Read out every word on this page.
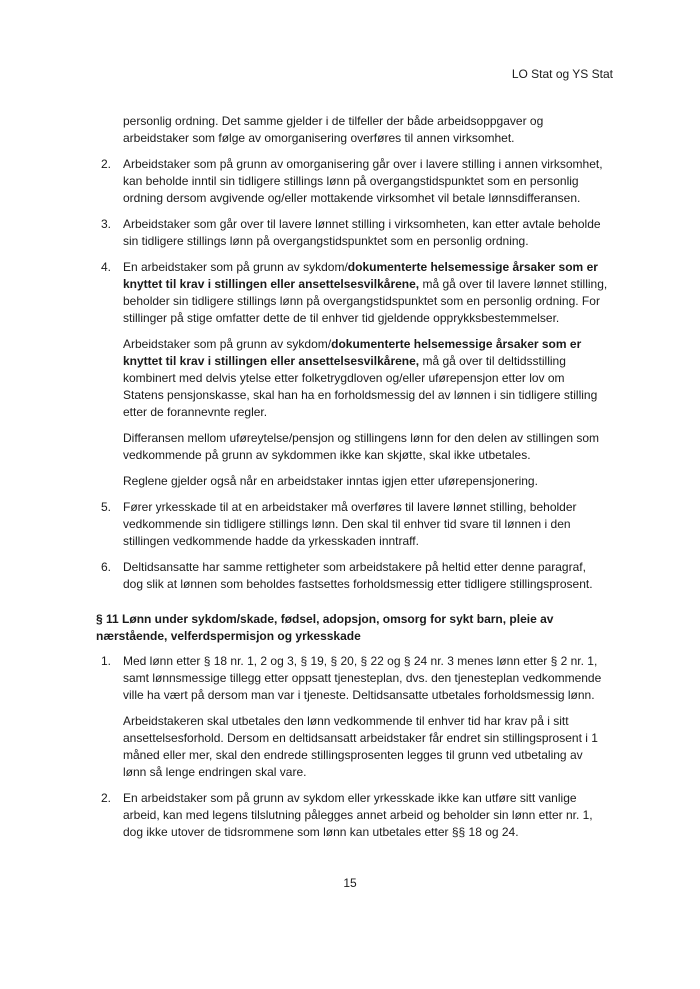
LO Stat og YS Stat

personlig ordning. Det samme gjelder i de tilfeller der både arbeidsoppgaver og arbeidstaker som følge av omorganisering overføres til annen virksomhet.

2. Arbeidstaker som på grunn av omorganisering går over i lavere stilling i annen virksomhet, kan beholde inntil sin tidligere stillings lønn på overgangstidspunktet som en personlig ordning dersom avgivende og/eller mottakende virksomhet vil betale lønnsdifferansen.

3. Arbeidstaker som går over til lavere lønnet stilling i virksomheten, kan etter avtale beholde sin tidligere stillings lønn på overgangstidspunktet som en personlig ordning.

4. En arbeidstaker som på grunn av sykdom/dokumenterte helsemessige årsaker som er knyttet til krav i stillingen eller ansettelsesvilkårene, må gå over til lavere lønnet stilling, beholder sin tidligere stillings lønn på overgangstidspunktet som en personlig ordning. For stillinger på stige omfatter dette de til enhver tid gjeldende opprykksbestemmelser.

Arbeidstaker som på grunn av sykdom/dokumenterte helsemessige årsaker som er knyttet til krav i stillingen eller ansettelsesvilkårene, må gå over til deltidsstilling kombinert med delvis ytelse etter folketrygdloven og/eller uførepensjon etter lov om Statens pensjonskasse, skal han ha en forholdsmessig del av lønnen i sin tidligere stilling etter de forannevnte regler.

Differansen mellom uføreytelse/pensjon og stillingens lønn for den delen av stillingen som vedkommende på grunn av sykdommen ikke kan skjøtte, skal ikke utbetales.

Reglene gjelder også når en arbeidstaker inntas igjen etter uførepensjonering.

5. Fører yrkesskade til at en arbeidstaker må overføres til lavere lønnet stilling, beholder vedkommende sin tidligere stillings lønn. Den skal til enhver tid svare til lønnen i den stillingen vedkommende hadde da yrkesskaden inntraff.

6. Deltidsansatte har samme rettigheter som arbeidstakere på heltid etter denne paragraf, dog slik at lønnen som beholdes fastsettes forholdsmessig etter tidligere stillingsprosent.

§ 11 Lønn under sykdom/skade, fødsel, adopsjon, omsorg for sykt barn, pleie av nærstående, velferdspermisjon og yrkesskade
1. Med lønn etter § 18 nr. 1, 2 og 3, § 19, § 20, § 22 og § 24 nr. 3 menes lønn etter § 2 nr. 1, samt lønnsmessige tillegg etter oppsatt tjenesteplan, dvs. den tjenesteplan vedkommende ville ha vært på dersom man var i tjeneste. Deltidsansatte utbetales forholdsmessig lønn.

Arbeidstakeren skal utbetales den lønn vedkommende til enhver tid har krav på i sitt ansettelsesforhold. Dersom en deltidsansatt arbeidstaker får endret sin stillingsprosent i 1 måned eller mer, skal den endrede stillingsprosenten legges til grunn ved utbetaling av lønn så lenge endringen skal vare.

2. En arbeidstaker som på grunn av sykdom eller yrkesskade ikke kan utføre sitt vanlige arbeid, kan med legens tilslutning pålegges annet arbeid og beholder sin lønn etter nr. 1, dog ikke utover de tidsrommene som lønn kan utbetales etter §§ 18 og 24.

15
